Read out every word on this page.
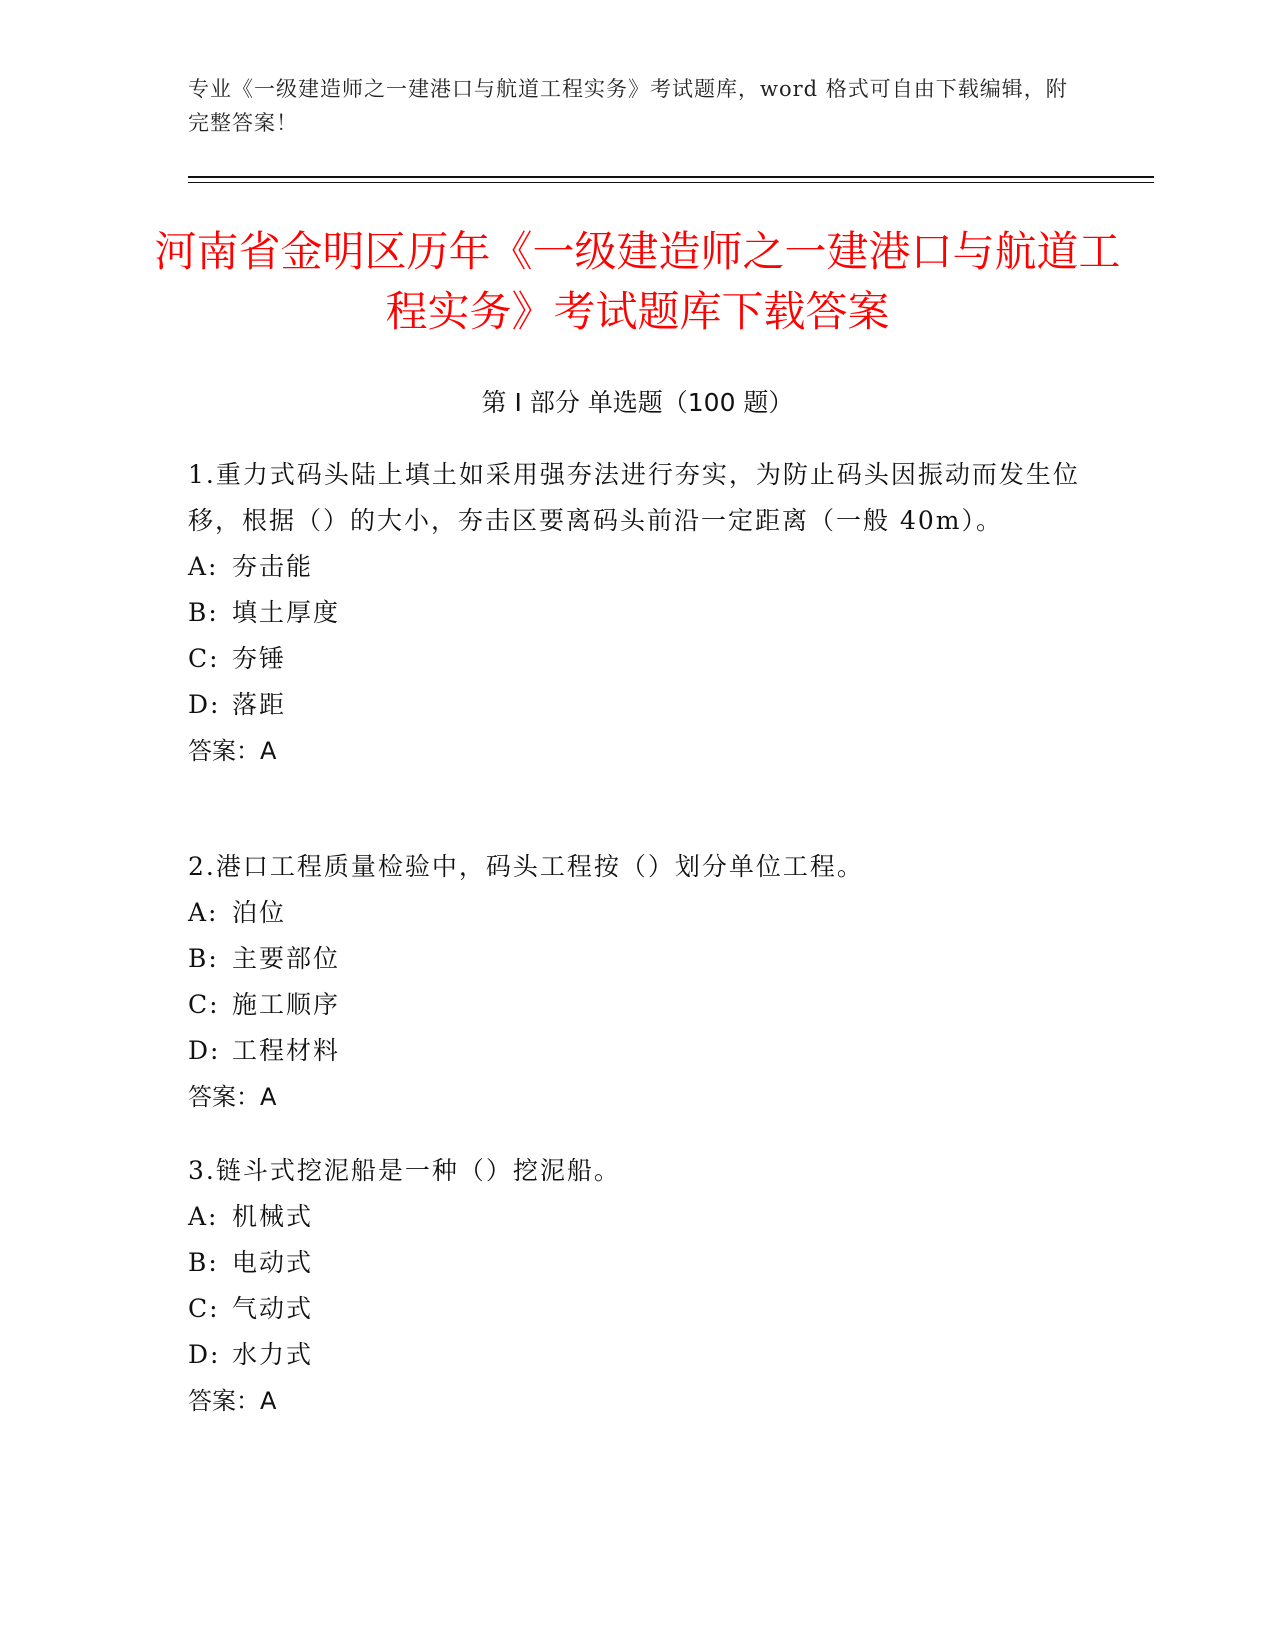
专业《一级建造师之一建港口与航道工程实务》考试题库，word 格式可自由下载编辑，附完整答案！
河南省金明区历年《一级建造师之一建港口与航道工程实务》考试题库下载答案
第 I 部分 单选题（100 题）
1.重力式码头陆上填土如采用强夯法进行夯实，为防止码头因振动而发生位移，根据（）的大小，夯击区要离码头前沿一定距离（一般 40m）。
A: 夯击能
B: 填土厚度
C: 夯锤
D: 落距
答案：A
2.港口工程质量检验中，码头工程按（）划分单位工程。
A: 泊位
B: 主要部位
C: 施工顺序
D: 工程材料
答案：A
3.链斗式挖泥船是一种（）挖泥船。
A: 机械式
B: 电动式
C: 气动式
D: 水力式
答案：A
